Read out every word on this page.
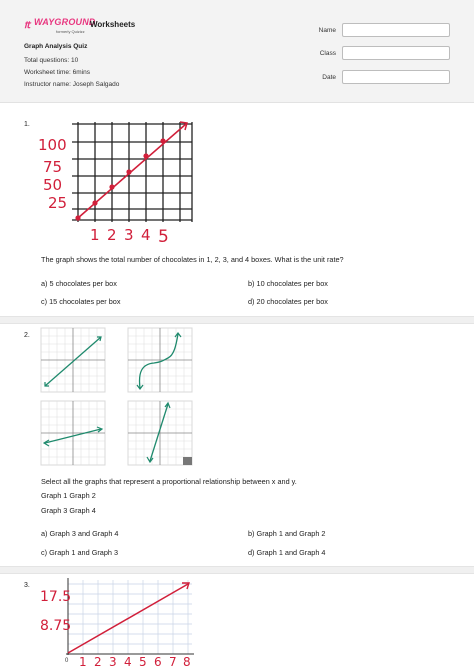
₶ WAYGROUND
formerly Quizizz
Worksheets
Graph Analysis Quiz
Total questions: 10
Worksheet time: 6mins
Instructor name: Joseph Salgado
Name
Class
Date
1.
100
75
50
25
1 2 3 4 5
The graph shows the total number of chocolates in 1, 2, 3, and 4 boxes. What is the unit rate?
a) 5 chocolates per box	b) 10 chocolates per box
c) 15 chocolates per box	d) 20 chocolates per box
2.
Select all the graphs that represent a proportional relationship between x and y.
Graph 1 Graph 2
Graph 3 Graph 4
a) Graph 3 and Graph 4	b) Graph 1 and Graph 2
c) Graph 1 and Graph 3	d) Graph 1 and Graph 4
3.
17.5
8.75
0 1 2 3 4 5 6 7 8
